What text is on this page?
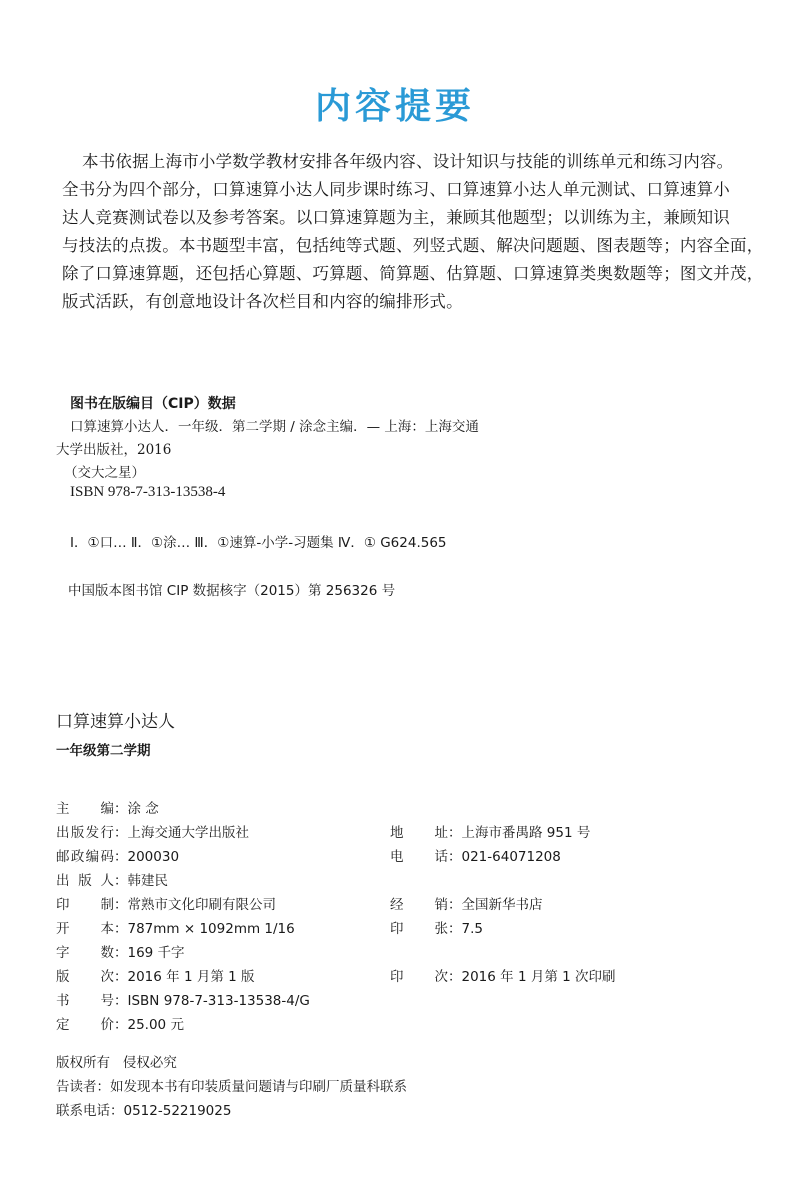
内容提要
本书依据上海市小学数学教材安排各年级内容、设计知识与技能的训练单元和练习内容。
全书分为四个部分，口算速算小达人同步课时练习、口算速算小达人单元测试、口算速算小
达人竞赛测试卷以及参考答案。以口算速算题为主，兼顾其他题型；以训练为主，兼顾知识
与技法的点拨。本书题型丰富，包括纯等式题、列竖式题、解决问题题、图表题等；内容全面，
除了口算速算题，还包括心算题、巧算题、简算题、估算题、口算速算类奥数题等；图文并茂，
版式活跃，有创意地设计各次栏目和内容的编排形式。
图书在版编目（CIP）数据
口算速算小达人．一年级．第二学期 / 涂念主编．— 上海：上海交通
大学出版社，2016
（交大之星）
ISBN 978-7-313-13538-4
Ⅰ．①口… Ⅱ．①涂… Ⅲ．①速算-小学-习题集 Ⅳ．① G624.565
中国版本图书馆 CIP 数据核字（2015）第 256326 号
口算速算小达人
一年级第二学期
主编：涂 念
出版发行：上海交通大学出版社
邮政编码：200030
出版人：韩建民
印制：常熟市文化印刷有限公司
开本：787mm × 1092mm 1/16
字数：169 千字
版次：2016 年 1 月第 1 版
书号：ISBN 978-7-313-13538-4/G
定价：25.00 元
地址：上海市番禺路 951 号
电话：021-64071208
经销：全国新华书店
印张：7.5
印次：2016 年 1 月第 1 次印刷
版权所有   侵权必究
告读者：如发现本书有印装质量问题请与印刷厂质量科联系
联系电话：0512-52219025
